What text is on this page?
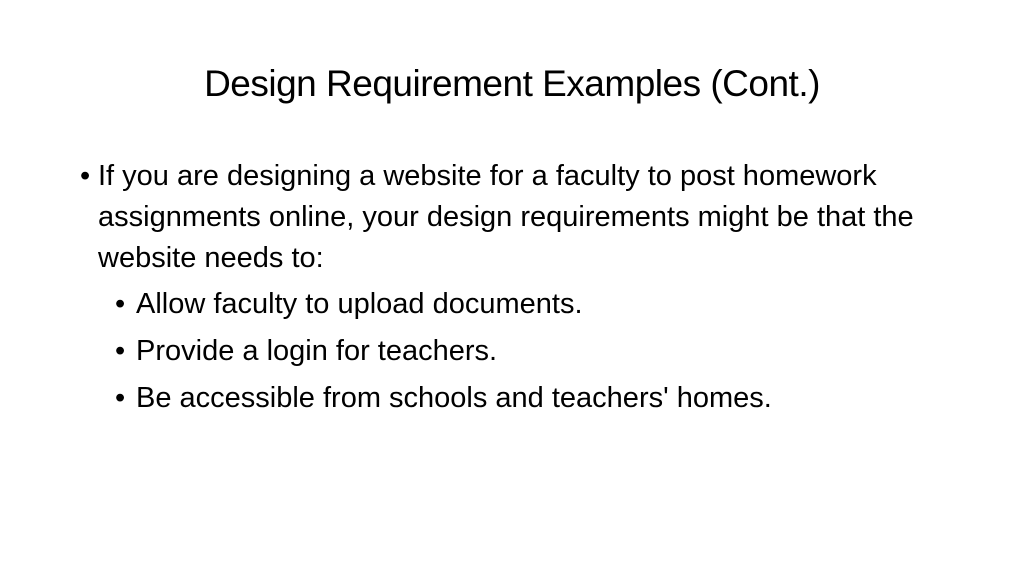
Design Requirement Examples (Cont.)
• If you are designing a website for a faculty to post homework assignments online, your design requirements might be that the website needs to:
• Allow faculty to upload documents.
• Provide a login for teachers.
• Be accessible from schools and teachers' homes.
